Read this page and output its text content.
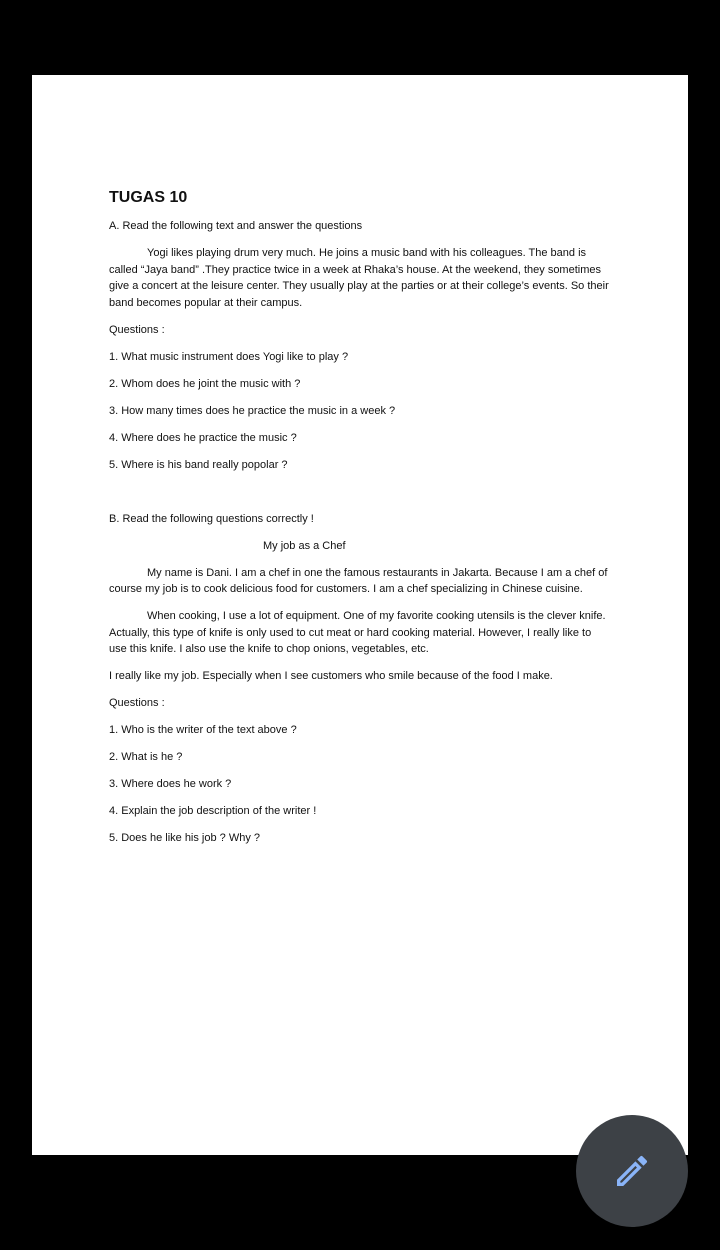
TUGAS 10
A. Read the following text and answer the questions
Yogi likes playing drum very much. He joins a music band with his colleagues. The band is called “Jaya band” .They practice twice in a week at Rhaka’s house. At the weekend, they sometimes give a concert at the leisure center. They usually play at the parties or at their college’s events. So their band becomes popular at their campus.
Questions :
1. What music instrument does Yogi like to play ?
2. Whom does he joint the music with ?
3. How many times does he practice the music in a week ?
4. Where does he practice the music ?
5. Where is his band really popolar ?
B. Read the following questions correctly !
My job as a Chef
My name is Dani. I am a chef in one the famous restaurants in Jakarta. Because I am a chef of course my job is to cook delicious food for customers. I am a chef specializing in Chinese cuisine.
When cooking, I use a lot of equipment. One of my favorite cooking utensils is the clever knife. Actually, this type of knife is only used to cut meat or hard cooking material. However, I really like to use this knife. I also use the knife to chop onions, vegetables, etc.
I really like my job. Especially when I see customers who smile because of the food I make.
Questions :
1. Who is the writer of the text above ?
2. What is he ?
3. Where does he work ?
4. Explain the job description of the writer !
5. Does he like his job ? Why ?
